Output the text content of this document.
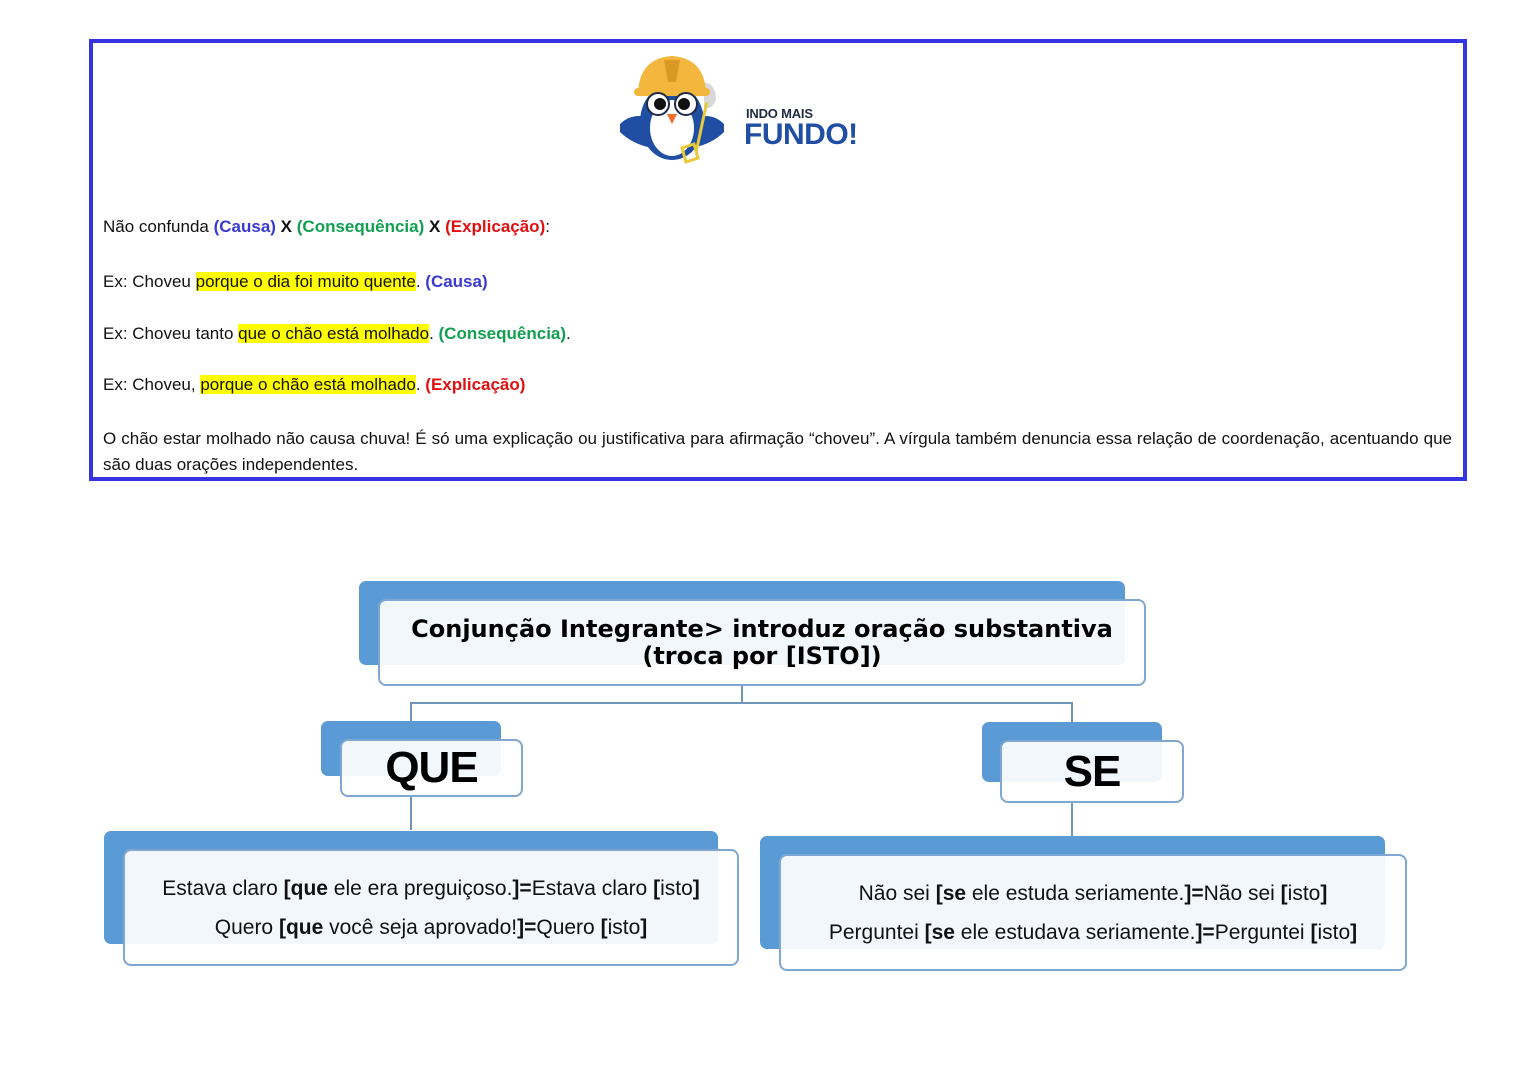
INDO MAIS
FUNDO!
Não confunda (Causa) X (Consequência) X (Explicação):
Ex: Choveu porque o dia foi muito quente. (Causa)
Ex: Choveu tanto que o chão está molhado. (Consequência).
Ex: Choveu, porque o chão está molhado. (Explicação)
O chão estar molhado não causa chuva! É só uma explicação ou justificativa para afirmação “choveu”. A vírgula também denuncia essa relação de coordenação, acentuando que são duas orações independentes.
Conjunção Integrante> introduz oração substantiva
(troca por [ISTO])
QUE	SE
Estava claro [que ele era preguiçoso.]=Estava claro [isto]
Quero [que você seja aprovado!]=Quero [isto]
Não sei [se ele estuda seriamente.]=Não sei [isto]
Perguntei [se ele estudava seriamente.]=Perguntei [isto]
